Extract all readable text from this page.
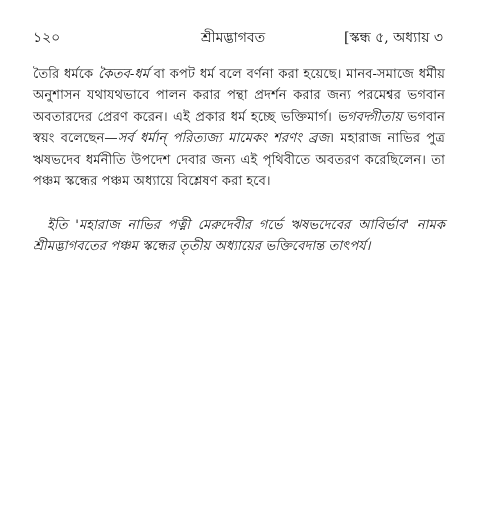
১২০	শ্রীমদ্ভাগবত	[স্কন্ধ ৫, অধ্যায় ৩

তৈরি ধর্মকে কৈতব-ধর্ম বা কপট ধর্ম বলে বর্ণনা করা হয়েছে। মানব-সমাজে ধর্মীয় অনুশাসন যথাযথভাবে পালন করার পন্থা প্রদর্শন করার জন্য পরমেশ্বর ভগবান অবতারদের প্রেরণ করেন। এই প্রকার ধর্ম হচ্ছে ভক্তিমার্গ। ভগবদ্গীতায় ভগবান স্বয়ং বলেছেন—সর্ব ধর্মান্ পরিত্যজ্য মামেকং শরণং ব্রজ। মহারাজ নাভির পুত্র ঋষভদেব ধর্মনীতি উপদেশ দেবার জন্য এই পৃথিবীতে অবতরণ করেছিলেন। তা পঞ্চম স্কন্ধের পঞ্চম অধ্যায়ে বিশ্লেষণ করা হবে।

ইতি 'মহারাজ নাভির পত্নী মেরুদেবীর গর্ভে ঋষভদেবের আবির্ভাব' নামক শ্রীমদ্ভাগবতের পঞ্চম স্কন্ধের তৃতীয় অধ্যায়ের ভক্তিবেদান্ত তাৎপর্য।
